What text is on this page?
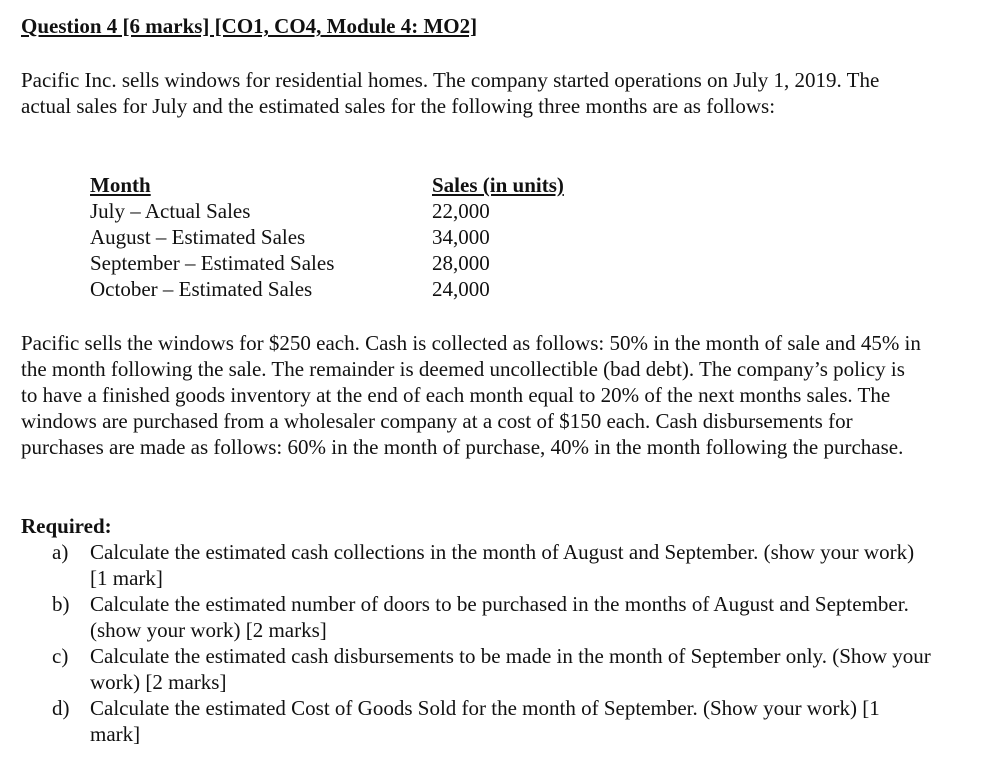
Question 4 [6 marks] [CO1, CO4, Module 4: MO2]

Pacific Inc. sells windows for residential homes. The company started operations on July 1, 2019. The actual sales for July and the estimated sales for the following three months are as follows:

Month	Sales (in units)
July – Actual Sales	22,000
August – Estimated Sales	34,000
September – Estimated Sales	28,000
October – Estimated Sales	24,000

Pacific sells the windows for $250 each. Cash is collected as follows: 50% in the month of sale and 45% in the month following the sale. The remainder is deemed uncollectible (bad debt). The company’s policy is to have a finished goods inventory at the end of each month equal to 20% of the next months sales. The windows are purchased from a wholesaler company at a cost of $150 each. Cash disbursements for purchases are made as follows: 60% in the month of purchase, 40% in the month following the purchase.

Required:
a)	Calculate the estimated cash collections in the month of August and September. (show your work) [1 mark]
b) Calculate the estimated number of doors to be purchased in the months of August and September. (show your work) [2 marks]
c)	Calculate the estimated cash disbursements to be made in the month of September only. (Show your work) [2 marks]
d) Calculate the estimated Cost of Goods Sold for the month of September. (Show your work) [1 mark]
